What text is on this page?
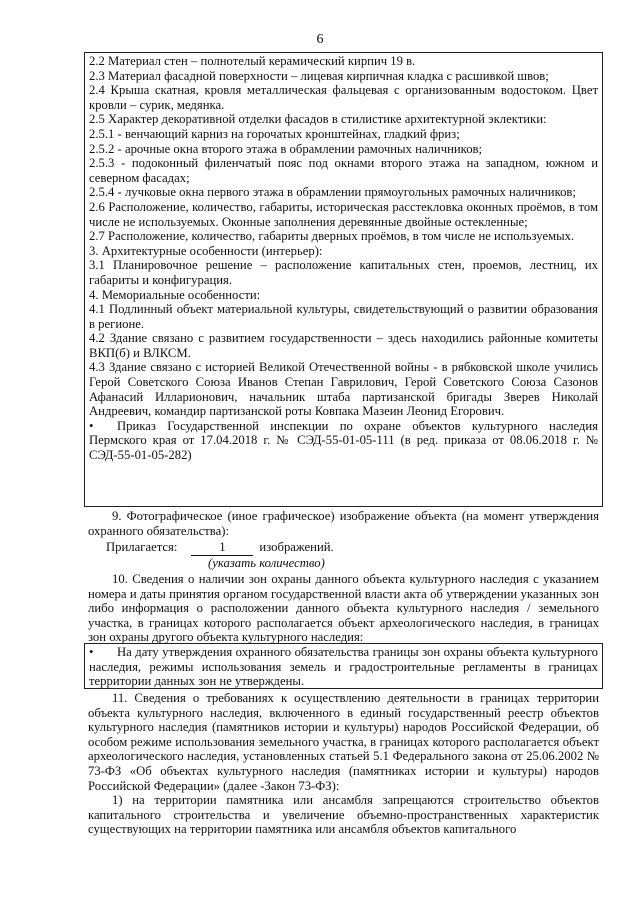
6

2.2 Материал стен – полнотелый керамический кирпич 19 в.

2.3 Материал фасадной поверхности – лицевая кирпичная кладка с расшивкой швов;

2.4 Крыша скатная, кровля металлическая фальцевая с организованным водостоком. Цвет кровли – сурик, медянка.

2.5 Характер декоративной отделки фасадов в стилистике архитектурной эклектики:

2.5.1 - венчающий карниз на горочатых кронштейнах, гладкий фриз;

2.5.2 - арочные окна второго этажа в обрамлении рамочных наличников;

2.5.3 - подоконный филенчатый пояс под окнами второго этажа на западном, южном и северном фасадах;

2.5.4 - лучковые окна первого этажа в обрамлении прямоугольных рамочных наличников;

2.6 Расположение, количество, габариты, историческая расстекловка оконных проёмов, в том числе не используемых. Оконные заполнения деревянные двойные остекленные;

2.7 Расположение, количество, габариты дверных проёмов, в том числе не используемых.

3. Архитектурные особенности (интерьер):

3.1 Планировочное решение – расположение капитальных стен, проемов, лестниц, их габариты и конфигурация.

4. Мемориальные особенности:

4.1 Подлинный объект материальной культуры, свидетельствующий о развитии образования в регионе.

4.2 Здание связано с развитием государственности – здесь находились районные комитеты ВКП(б) и ВЛКСМ.

4.3 Здание связано с историей Великой Отечественной войны - в рябковской школе учились Герой Советского Союза Иванов Степан Гаврилович, Герой Советского Союза Сазонов Афанасий Илларионович, начальник штаба партизанской бригады Зверев Николай Андреевич, командир партизанской роты Ковпака Мазеин Леонид Егорович.

• Приказ Государственной инспекции по охране объектов культурного наследия Пермского края от 17.04.2018 г. № СЭД-55-01-05-111 (в ред. приказа от 08.06.2018 г. № СЭД-55-01-05-282)

9. Фотографическое (иное графическое) изображение объекта (на момент утверждения охранного обязательства):

Прилагается:	1	изображений.

(указать количество)

10. Сведения о наличии зон охраны данного объекта культурного наследия с указанием номера и даты принятия органом государственной власти акта об утверждении указанных зон либо информация о расположении данного объекта культурного наследия / земельного участка, в границах которого располагается объект археологического наследия, в границах зон охраны другого объекта культурного наследия:

• На дату утверждения охранного обязательства границы зон охраны объекта культурного наследия, режимы использования земель и градостроительные регламенты в границах территории данных зон не утверждены.

11. Сведения о требованиях к осуществлению деятельности в границах территории объекта культурного наследия, включенного в единый государственный реестр объектов культурного наследия (памятников истории и культуры) народов Российской Федерации, об особом режиме использования земельного участка, в границах которого располагается объект археологического наследия, установленных статьей 5.1 Федерального закона от 25.06.2002 № 73-ФЗ «Об объектах культурного наследия (памятниках истории и культуры) народов Российской Федерации» (далее -Закон 73-ФЗ):

1) на территории памятника или ансамбля запрещаются строительство объектов капитального строительства и увеличение объемно-пространственных характеристик существующих на территории памятника или ансамбля объектов капитального
